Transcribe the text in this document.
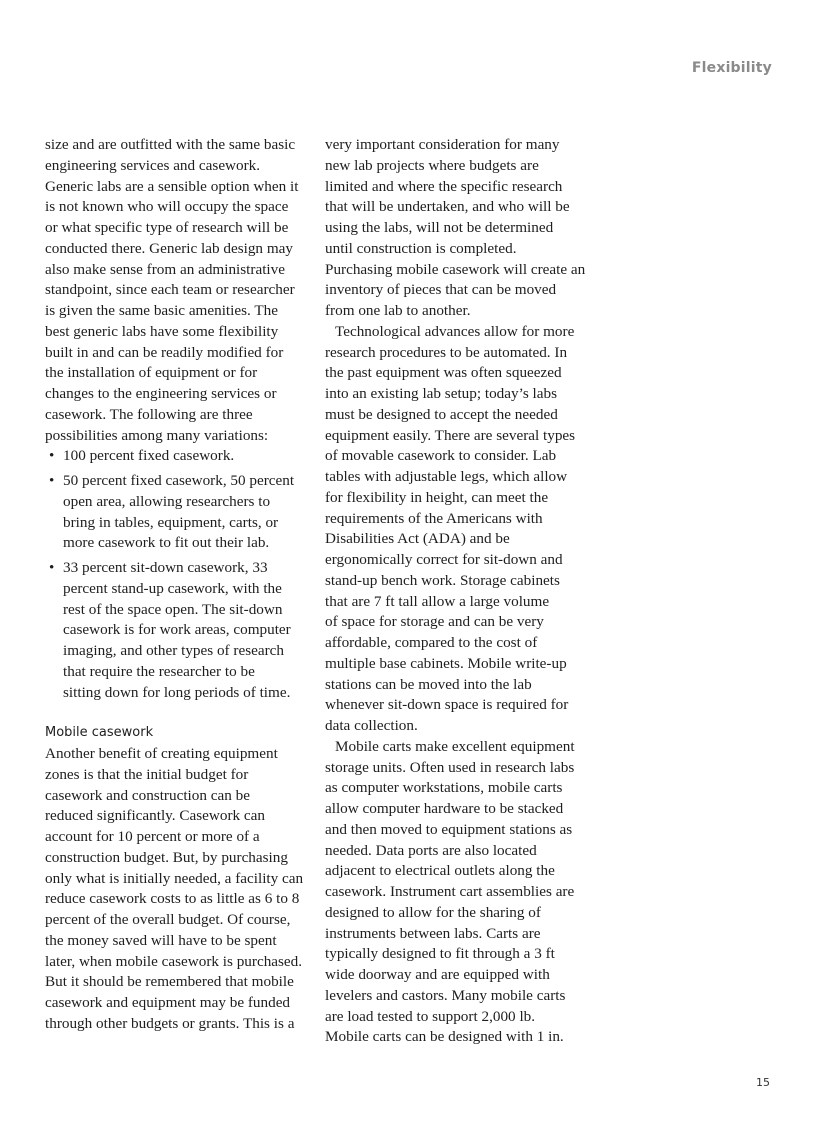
Flexibility
size and are outfitted with the same basic
engineering services and casework.
Generic labs are a sensible option when it
is not known who will occupy the space
or what specific type of research will be
conducted there. Generic lab design may
also make sense from an administrative
standpoint, since each team or researcher
is given the same basic amenities. The
best generic labs have some flexibility
built in and can be readily modified for
the installation of equipment or for
changes to the engineering services or
casework. The following are three
possibilities among many variations:
• 100 percent fixed casework.
• 50 percent fixed casework, 50 percent
open area, allowing researchers to
bring in tables, equipment, carts, or
more casework to fit out their lab.
• 33 percent sit-down casework, 33
percent stand-up casework, with the
rest of the space open. The sit-down
casework is for work areas, computer
imaging, and other types of research
that require the researcher to be
sitting down for long periods of time.
Mobile casework
Another benefit of creating equipment
zones is that the initial budget for
casework and construction can be
reduced significantly. Casework can
account for 10 percent or more of a
construction budget. But, by purchasing
only what is initially needed, a facility can
reduce casework costs to as little as 6 to 8
percent of the overall budget. Of course,
the money saved will have to be spent
later, when mobile casework is purchased.
But it should be remembered that mobile
casework and equipment may be funded
through other budgets or grants. This is a
very important consideration for many
new lab projects where budgets are
limited and where the specific research
that will be undertaken, and who will be
using the labs, will not be determined
until construction is completed.
Purchasing mobile casework will create an
inventory of pieces that can be moved
from one lab to another.
Technological advances allow for more
research procedures to be automated. In
the past equipment was often squeezed
into an existing lab setup; today’s labs
must be designed to accept the needed
equipment easily. There are several types
of movable casework to consider. Lab
tables with adjustable legs, which allow
for flexibility in height, can meet the
requirements of the Americans with
Disabilities Act (ADA) and be
ergonomically correct for sit-down and
stand-up bench work. Storage cabinets
that are 7 ft tall allow a large volume
of space for storage and can be very
affordable, compared to the cost of
multiple base cabinets. Mobile write-up
stations can be moved into the lab
whenever sit-down space is required for
data collection.
Mobile carts make excellent equipment
storage units. Often used in research labs
as computer workstations, mobile carts
allow computer hardware to be stacked
and then moved to equipment stations as
needed. Data ports are also located
adjacent to electrical outlets along the
casework. Instrument cart assemblies are
designed to allow for the sharing of
instruments between labs. Carts are
typically designed to fit through a 3 ft
wide doorway and are equipped with
levelers and castors. Many mobile carts
are load tested to support 2,000 lb.
Mobile carts can be designed with 1 in.
15
